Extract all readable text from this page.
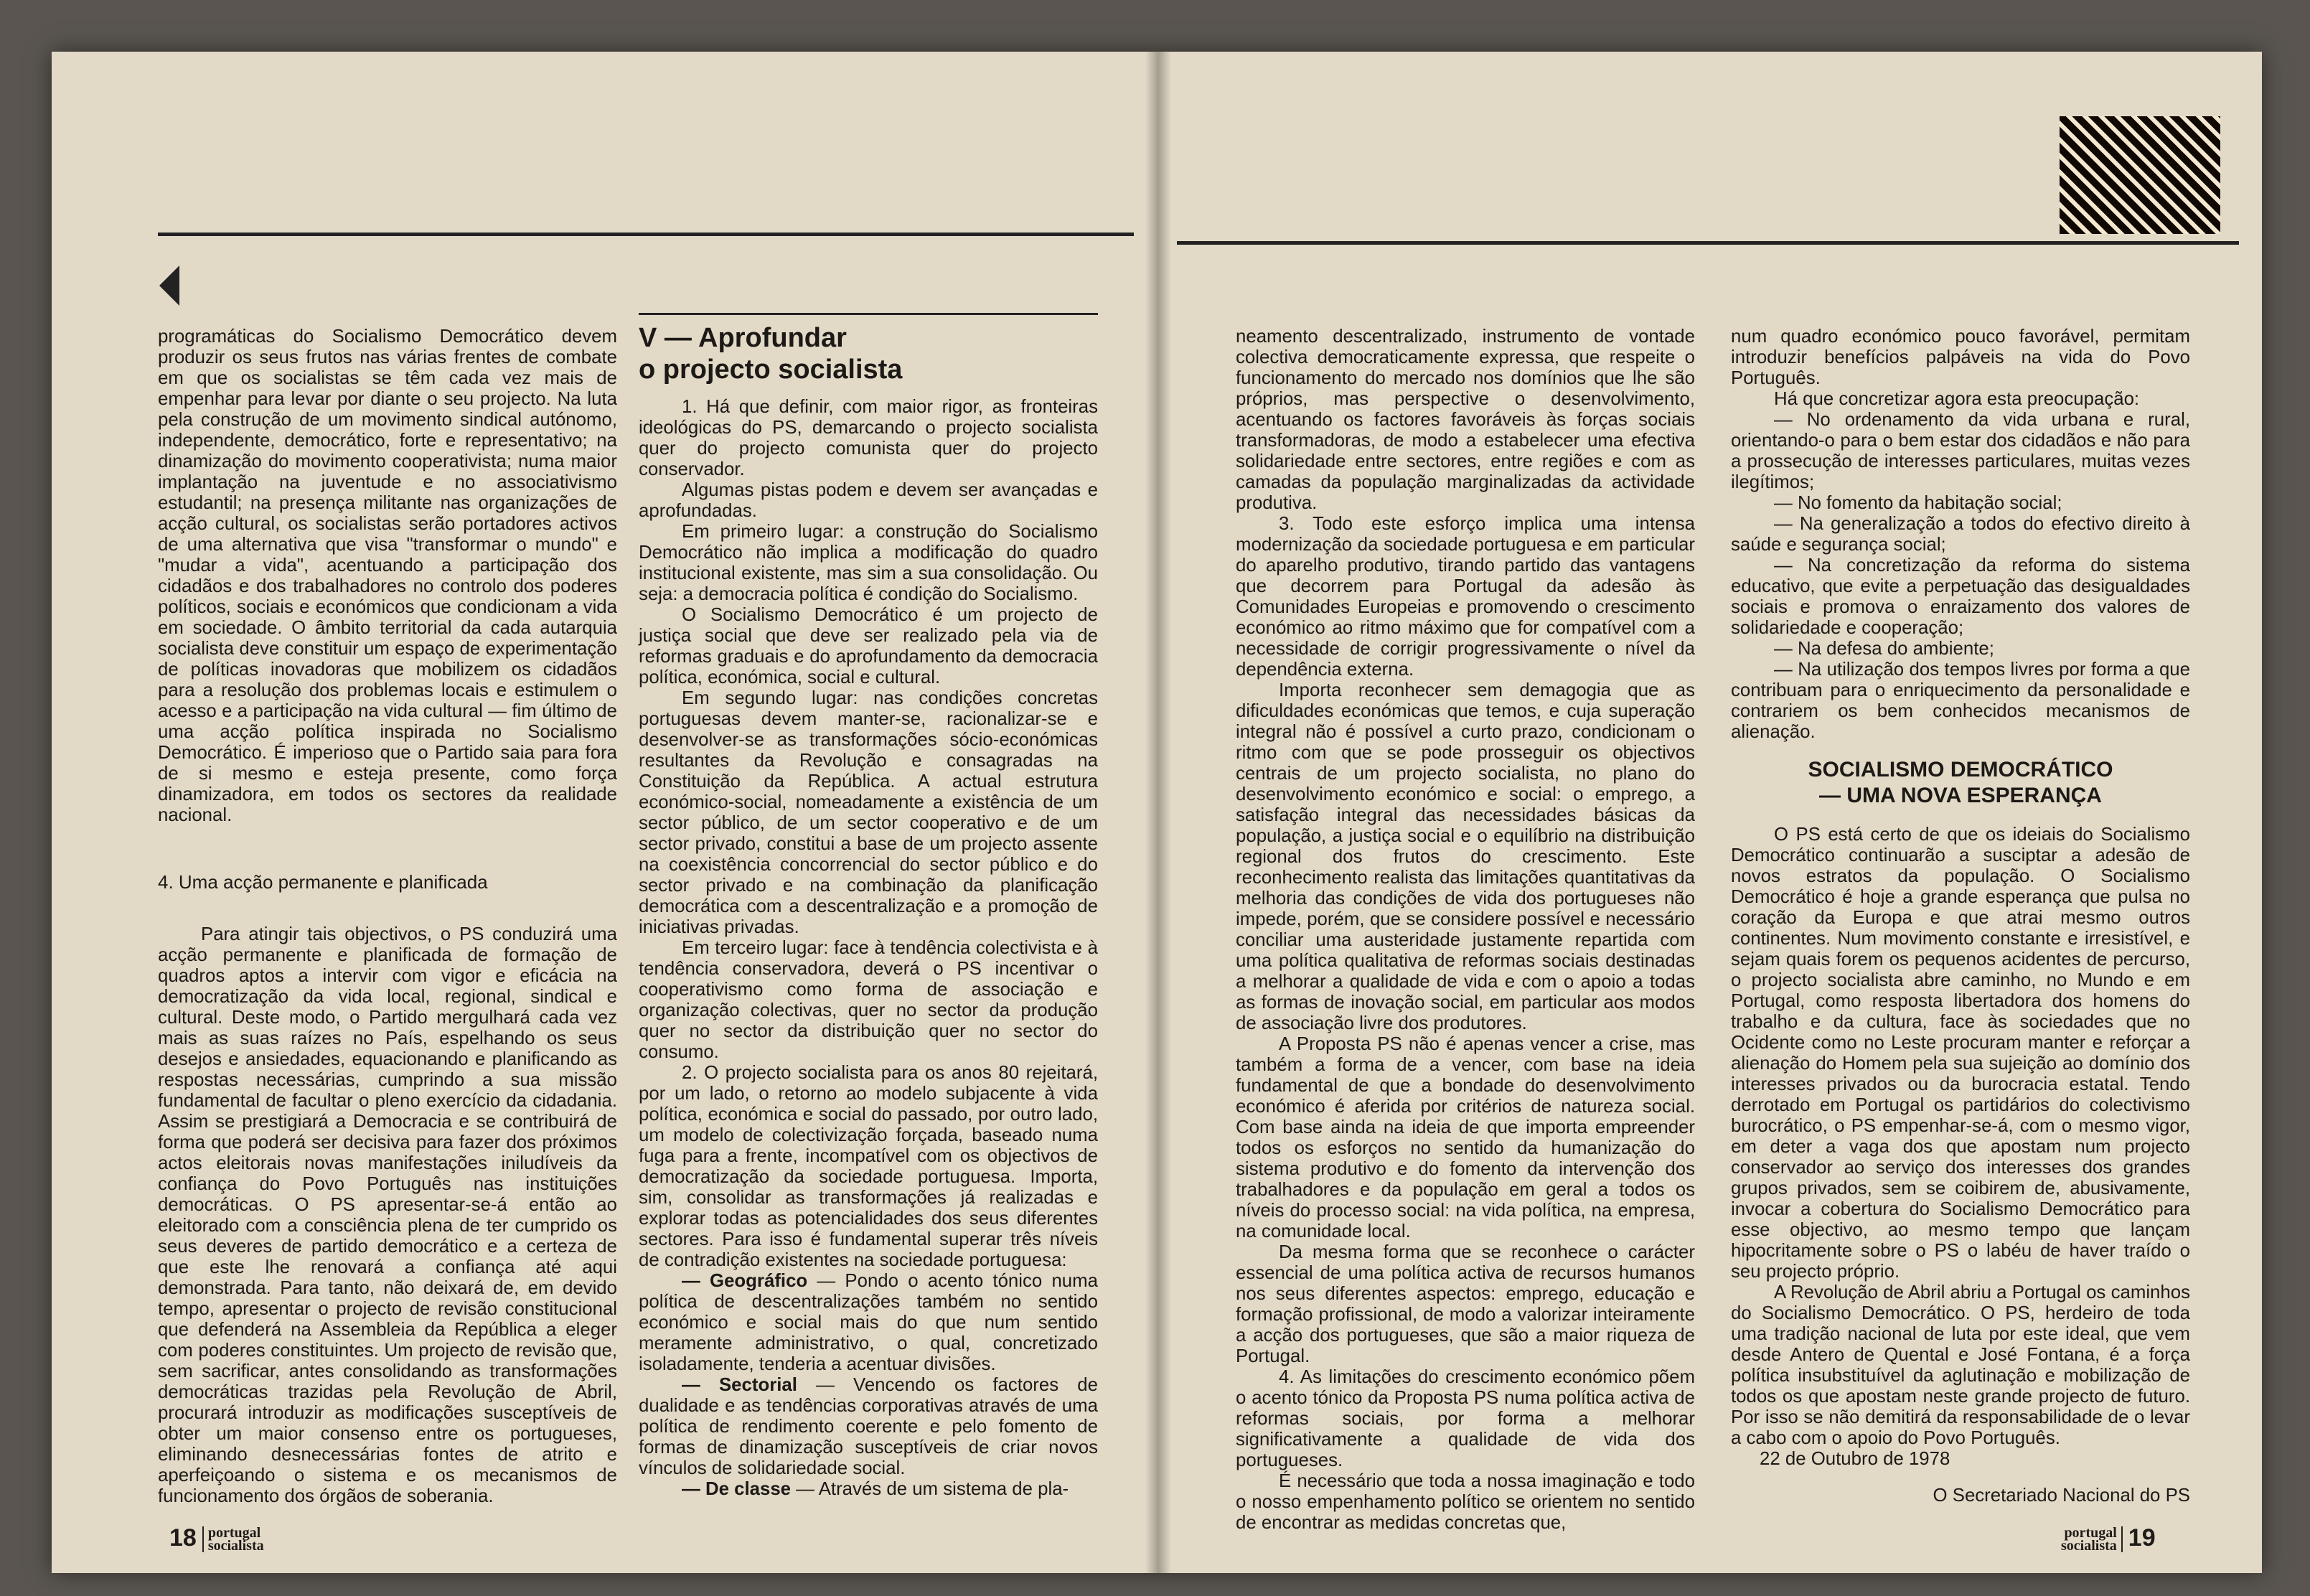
programáticas do Socialismo Democrático devem produzir os seus frutos nas várias frentes de combate em que os socialistas se têm cada vez mais de empenhar para levar por diante o seu projecto. Na luta pela construção de um movimento sindical autónomo, independente, democrático, forte e representativo; na dinamização do movimento cooperativista; numa maior implantação na juventude e no associativismo estudantil; na presença militante nas organizações de acção cultural, os socialistas serão portadores activos de uma alternativa que visa "transformar o mundo" e "mudar a vida", acentuando a participação dos cidadãos e dos trabalhadores no controlo dos poderes políticos, sociais e económicos que condicionam a vida em sociedade. O âmbito territorial da cada autarquia socialista deve constituir um espaço de experimentação de políticas inovadoras que mobilizem os cidadãos para a resolução dos problemas locais e estimulem o acesso e a participação na vida cultural — fim último de uma acção política inspirada no Socialismo Democrático. É imperioso que o Partido saia para fora de si mesmo e esteja presente, como força dinamizadora, em todos os sectores da realidade nacional.

4. Uma acção permanente e planificada

Para atingir tais objectivos, o PS conduzirá uma acção permanente e planificada de formação de quadros aptos a intervir com vigor e eficácia na democratização da vida local, regional, sindical e cultural. Deste modo, o Partido mergulhará cada vez mais as suas raízes no País, espelhando os seus desejos e ansiedades, equacionando e planificando as respostas necessárias, cumprindo a sua missão fundamental de facultar o pleno exercício da cidadania. Assim se prestigiará a Democracia e se contribuirá de forma que poderá ser decisiva para fazer dos próximos actos eleitorais novas manifestações iniludíveis da confiança do Povo Português nas instituições democráticas. O PS apresentar-se-á então ao eleitorado com a consciência plena de ter cumprido os seus deveres de partido democrático e a certeza de que este lhe renovará a confiança até aqui demonstrada. Para tanto, não deixará de, em devido tempo, apresentar o projecto de revisão constitucional que defenderá na Assembleia da República a eleger com poderes constituintes. Um projecto de revisão que, sem sacrificar, antes consolidando as transformações democráticas trazidas pela Revolução de Abril, procurará introduzir as modificações susceptíveis de obter um maior consenso entre os portugueses, eliminando desnecessárias fontes de atrito e aperfeiçoando o sistema e os mecanismos de funcionamento dos órgãos de soberania.

V — Aprofundar
o projecto socialista

1. Há que definir, com maior rigor, as fronteiras ideológicas do PS, demarcando o projecto socialista quer do projecto comunista quer do projecto conservador.

Algumas pistas podem e devem ser avançadas e aprofundadas.

Em primeiro lugar: a construção do Socialismo Democrático não implica a modificação do quadro institucional existente, mas sim a sua consolidação. Ou seja: a democracia política é condição do Socialismo.

O Socialismo Democrático é um projecto de justiça social que deve ser realizado pela via de reformas graduais e do aprofundamento da democracia política, económica, social e cultural.

Em segundo lugar: nas condições concretas portuguesas devem manter-se, racionalizar-se e desenvolver-se as transformações sócio-económicas resultantes da Revolução e consagradas na Constituição da República. A actual estrutura económico-social, nomeadamente a existência de um sector público, de um sector cooperativo e de um sector privado, constitui a base de um projecto assente na coexistência concorrencial do sector público e do sector privado e na combinação da planificação democrática com a descentralização e a promoção de iniciativas privadas.

Em terceiro lugar: face à tendência colectivista e à tendência conservadora, deverá o PS incentivar o cooperativismo como forma de associação e organização colectivas, quer no sector da produção quer no sector da distribuição quer no sector do consumo.

2. O projecto socialista para os anos 80 rejeitará, por um lado, o retorno ao modelo subjacente à vida política, económica e social do passado, por outro lado, um modelo de colectivização forçada, baseado numa fuga para a frente, incompatível com os objectivos de democratização da sociedade portuguesa. Importa, sim, consolidar as transformações já realizadas e explorar todas as potencialidades dos seus diferentes sectores. Para isso é fundamental superar três níveis de contradição existentes na sociedade portuguesa:

— Geográfico — Pondo o acento tónico numa política de descentralizações também no sentido económico e social mais do que num sentido meramente administrativo, o qual, concretizado isoladamente, tenderia a acentuar divisões.

— Sectorial — Vencendo os factores de dualidade e as tendências corporativas através de uma política de rendimento coerente e pelo fomento de formas de dinamização susceptíveis de criar novos vínculos de solidariedade social.

— De classe — Através de um sistema de pla-

18 portugal
socialista

neamento descentralizado, instrumento de vontade colectiva democraticamente expressa, que respeite o funcionamento do mercado nos domínios que lhe são próprios, mas perspective o desenvolvimento, acentuando os factores favoráveis às forças sociais transformadoras, de modo a estabelecer uma efectiva solidariedade entre sectores, entre regiões e com as camadas da população marginalizadas da actividade produtiva.

3. Todo este esforço implica uma intensa modernização da sociedade portuguesa e em particular do aparelho produtivo, tirando partido das vantagens que decorrem para Portugal da adesão às Comunidades Europeias e promovendo o crescimento económico ao ritmo máximo que for compatível com a necessidade de corrigir progressivamente o nível da dependência externa.

Importa reconhecer sem demagogia que as dificuldades económicas que temos, e cuja superação integral não é possível a curto prazo, condicionam o ritmo com que se pode prosseguir os objectivos centrais de um projecto socialista, no plano do desenvolvimento económico e social: o emprego, a satisfação integral das necessidades básicas da população, a justiça social e o equilíbrio na distribuição regional dos frutos do crescimento. Este reconhecimento realista das limitações quantitativas da melhoria das condições de vida dos portugueses não impede, porém, que se considere possível e necessário conciliar uma austeridade justamente repartida com uma política qualitativa de reformas sociais destinadas a melhorar a qualidade de vida e com o apoio a todas as formas de inovação social, em particular aos modos de associação livre dos produtores.

A Proposta PS não é apenas vencer a crise, mas também a forma de a vencer, com base na ideia fundamental de que a bondade do desenvolvimento económico é aferida por critérios de natureza social. Com base ainda na ideia de que importa empreender todos os esforços no sentido da humanização do sistema produtivo e do fomento da intervenção dos trabalhadores e da população em geral a todos os níveis do processo social: na vida política, na empresa, na comunidade local.

Da mesma forma que se reconhece o carácter essencial de uma política activa de recursos humanos nos seus diferentes aspectos: emprego, educação e formação profissional, de modo a valorizar inteiramente a acção dos portugueses, que são a maior riqueza de Portugal.

4. As limitações do crescimento económico põem o acento tónico da Proposta PS numa política activa de reformas sociais, por forma a melhorar significativamente a qualidade de vida dos portugueses.

É necessário que toda a nossa imaginação e todo o nosso empenhamento político se orientem no sentido de encontrar as medidas concretas que,

num quadro económico pouco favorável, permitam introduzir benefícios palpáveis na vida do Povo Português.

Há que concretizar agora esta preocupação:

— No ordenamento da vida urbana e rural, orientando-o para o bem estar dos cidadãos e não para a prossecução de interesses particulares, muitas vezes ilegítimos;

— No fomento da habitação social;

— Na generalização a todos do efectivo direito à saúde e segurança social;

— Na concretização da reforma do sistema educativo, que evite a perpetuação das desigualdades sociais e promova o enraizamento dos valores de solidariedade e cooperação;

— Na defesa do ambiente;

— Na utilização dos tempos livres por forma a que contribuam para o enriquecimento da personalidade e contrariem os bem conhecidos mecanismos de alienação.

SOCIALISMO DEMOCRÁTICO
— UMA NOVA ESPERANÇA

O PS está certo de que os ideiais do Socialismo Democrático continuarão a susciptar a adesão de novos estratos da população. O Socialismo Democrático é hoje a grande esperança que pulsa no coração da Europa e que atrai mesmo outros continentes. Num movimento constante e irresistível, e sejam quais forem os pequenos acidentes de percurso, o projecto socialista abre caminho, no Mundo e em Portugal, como resposta libertadora dos homens do trabalho e da cultura, face às sociedades que no Ocidente como no Leste procuram manter e reforçar a alienação do Homem pela sua sujeição ao domínio dos interesses privados ou da burocracia estatal. Tendo derrotado em Portugal os partidários do colectivismo burocrático, o PS empenhar-se-á, com o mesmo vigor, em deter a vaga dos que apostam num projecto conservador ao serviço dos interesses dos grandes grupos privados, sem se coibirem de, abusivamente, invocar a cobertura do Socialismo Democrático para esse objectivo, ao mesmo tempo que lançam hipocritamente sobre o PS o labéu de haver traído o seu projecto próprio.

A Revolução de Abril abriu a Portugal os caminhos do Socialismo Democrático. O PS, herdeiro de toda uma tradição nacional de luta por este ideal, que vem desde Antero de Quental e José Fontana, é a força política insubstituível da aglutinação e mobilização de todos os que apostam neste grande projecto de futuro. Por isso se não demitirá da responsabilidade de o levar a cabo com o apoio do Povo Português.

22 de Outubro de 1978

O Secretariado Nacional do PS

portugal
socialista 19
